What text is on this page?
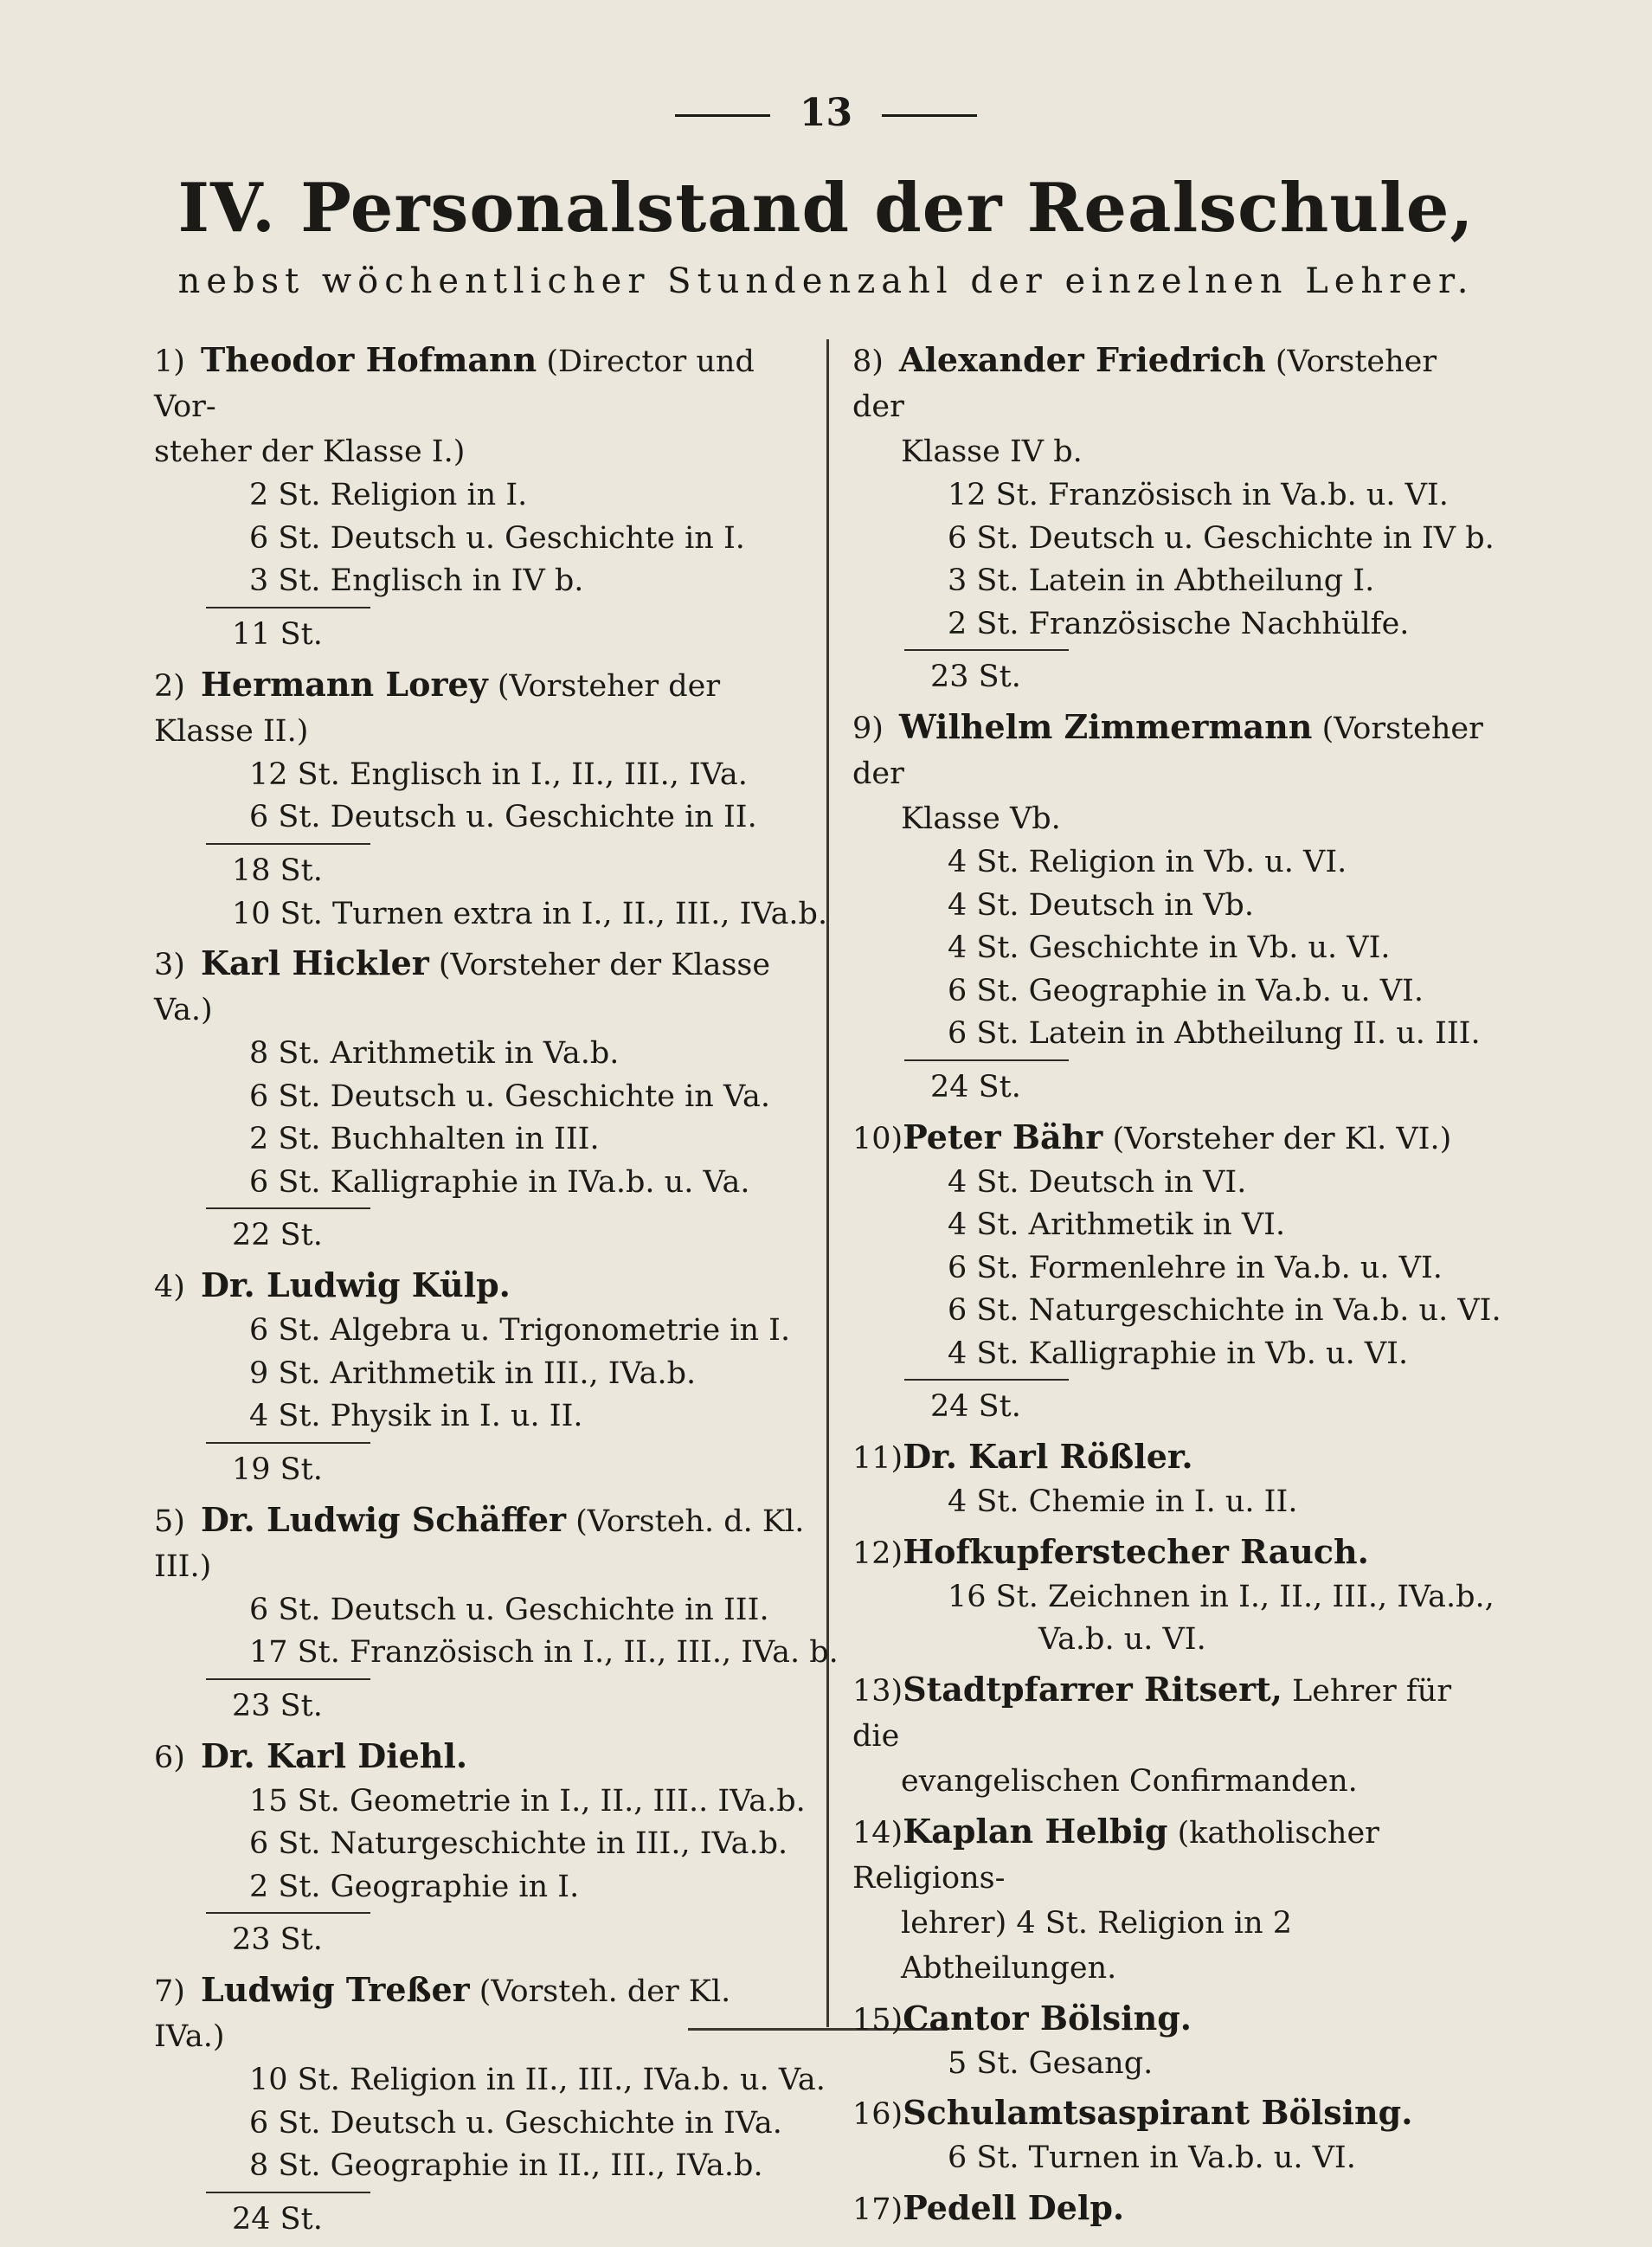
13
IV. Personalstand der Realschule,
nebst wöchentlicher Stundenzahl der einzelnen Lehrer.
1) Theodor Hofmann (Director und Vor-
steher der Klasse I.)
2 St. Religion in I.
6 St. Deutsch u. Geschichte in I.
3 St. Englisch in IV b.
11 St.
2) Hermann Lorey (Vorsteher der Klasse II.)
12 St. Englisch in I., II., III., IVa.
6 St. Deutsch u. Geschichte in II.
18 St.
10 St. Turnen extra in I., II., III., IVa.b.
3) Karl Hickler (Vorsteher der Klasse Va.)
8 St. Arithmetik in Va.b.
6 St. Deutsch u. Geschichte in Va.
2 St. Buchhalten in III.
6 St. Kalligraphie in IVa.b. u. Va.
22 St.
4) Dr. Ludwig Külp.
6 St. Algebra u. Trigonometrie in I.
9 St. Arithmetik in III., IVa.b.
4 St. Physik in I. u. II.
19 St.
5) Dr. Ludwig Schäffer (Vorsteh. d. Kl. III.)
6 St. Deutsch u. Geschichte in III.
17 St. Französisch in I., II., III., IVa. b.
23 St.
6) Dr. Karl Diehl.
15 St. Geometrie in I., II., III.. IVa.b.
6 St. Naturgeschichte in III., IVa.b.
2 St. Geographie in I.
23 St.
7) Ludwig Treßer (Vorsteh. der Kl. IVa.)
10 St. Religion in II., III., IVa.b. u. Va.
6 St. Deutsch u. Geschichte in IVa.
8 St. Geographie in II., III., IVa.b.
24 St.
8) Alexander Friedrich (Vorsteher der
Klasse IV b.
12 St. Französisch in Va.b. u. VI.
6 St. Deutsch u. Geschichte in IV b.
3 St. Latein in Abtheilung I.
2 St. Französische Nachhülfe.
23 St.
9) Wilhelm Zimmermann (Vorsteher der
Klasse Vb.
4 St. Religion in Vb. u. VI.
4 St. Deutsch in Vb.
4 St. Geschichte in Vb. u. VI.
6 St. Geographie in Va.b. u. VI.
6 St. Latein in Abtheilung II. u. III.
24 St.
10)Peter Bähr (Vorsteher der Kl. VI.)
4 St. Deutsch in VI.
4 St. Arithmetik in VI.
6 St. Formenlehre in Va.b. u. VI.
6 St. Naturgeschichte in Va.b. u. VI.
4 St. Kalligraphie in Vb. u. VI.
24 St.
11)Dr. Karl Rößler.
4 St. Chemie in I. u. II.
12)Hofkupferstecher Rauch.
16 St. Zeichnen in I., II., III., IVa.b.,
Va.b. u. VI.
13)Stadtpfarrer Ritsert, Lehrer für die
evangelischen Confirmanden.
14)Kaplan Helbig (katholischer Religions-
lehrer) 4 St. Religion in 2 Abtheilungen.
15)Cantor Bölsing.
5 St. Gesang.
16)Schulamtsaspirant Bölsing.
6 St. Turnen in Va.b. u. VI.
17)Pedell Delp.
